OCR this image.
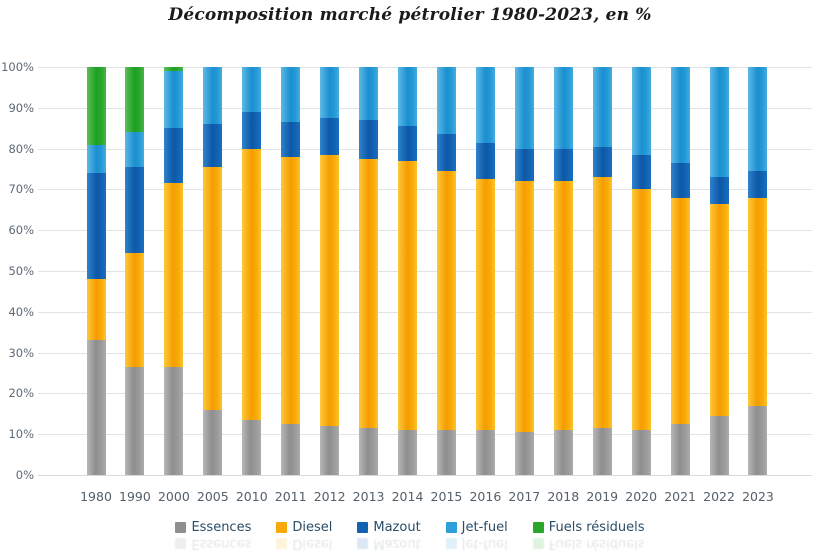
Décomposition marché pétrolier 1980-2023, en %
0%
10%
20%
30%
40%
50%
60%
70%
80%
90%
100%
1980 1990 2000 2005 2010 2011 2012 2013 2014 2015 2016 2017 2018 2019 2020 2021 2022 2023
Essences	Diesel	Mazout	Jet-fuel	Fuels résiduels
Essences	Diesel	Mazout	Jet-fuel	Fuels résiduels
